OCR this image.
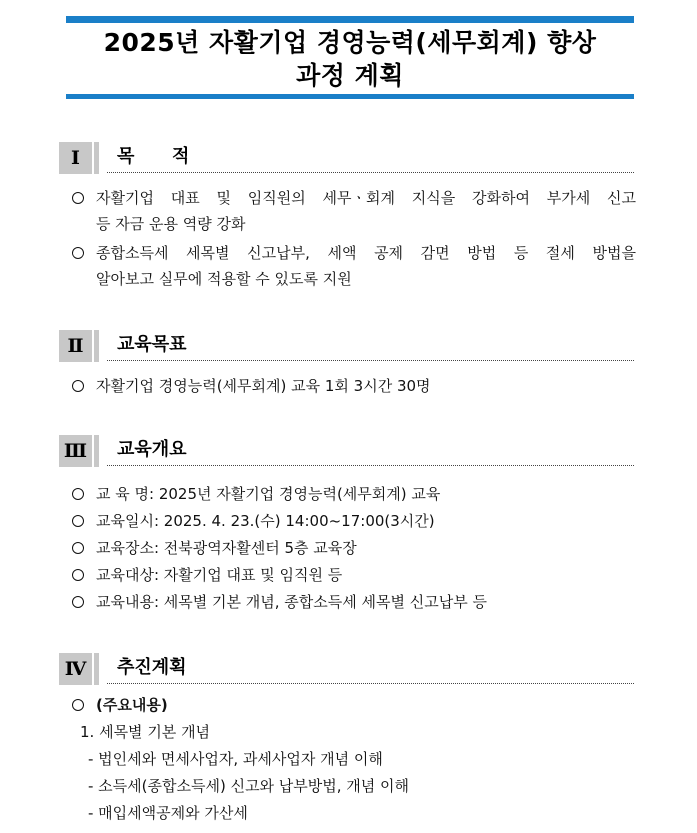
2025년 자활기업 경영능력(세무회계) 향상
과정 계획
Ⅰ	목      적
자활기업 대표 및 임직원의 세무ㆍ회계 지식을 강화하여 부가세 신고
등 자금 운용 역량 강화
종합소득세 세목별 신고납부, 세액 공제 감면 방법 등 절세 방법을
알아보고 실무에 적용할 수 있도록 지원
Ⅱ	교육목표
자활기업 경영능력(세무회계) 교육 1회 3시간 30명
Ⅲ 교육개요
교 육 명: 2025년 자활기업 경영능력(세무회계) 교육
교육일시: 2025. 4. 23.(수) 14:00~17:00(3시간)
교육장소: 전북광역자활센터 5층 교육장
교육대상: 자활기업 대표 및 임직원 등
교육내용: 세목별 기본 개념, 종합소득세 세목별 신고납부 등
Ⅳ	추진계획
(주요내용)
1. 세목별 기본 개념
- 법인세와 면세사업자, 과세사업자 개념 이해
- 소득세(종합소득세) 신고와 납부방법, 개념 이해
- 매입세액공제와 가산세
